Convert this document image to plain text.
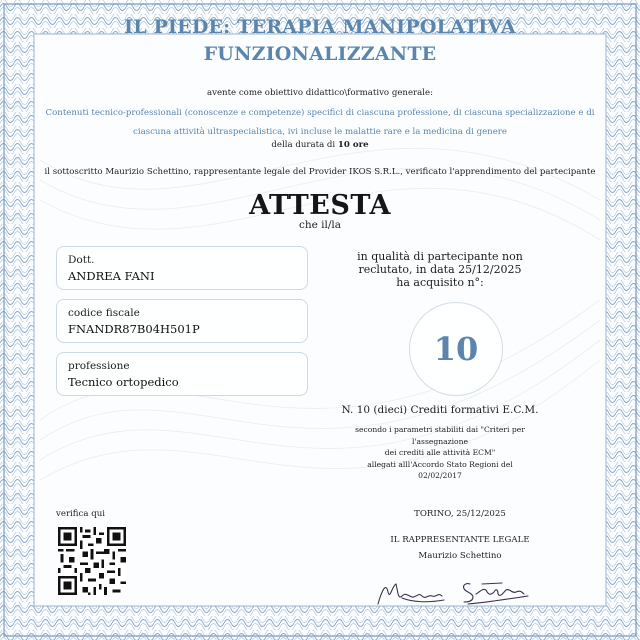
IL PIEDE: TERAPIA MANIPOLATIVA FUNZIONALIZZANTE
avente come obiettivo didattico\formativo generale:
Contenuti tecnico-professionali (conoscenze e competenze) specifici di ciascuna professione, di ciascuna specializzazione e di ciascuna attività ultraspecialistica, ivi incluse le malattie rare e la medicina di genere
della durata di 10 ore
il sottoscritto Maurizio Schettino, rappresentante legale del Provider IKOS S.R.L., verificato l'apprendimento del partecipante
ATTESTA
che il/la
Dott.
ANDREA FANI
codice fiscale
FNANDR87B04H501P
professione
Tecnico ortopedico
in qualità di partecipante non reclutato, in data 25/12/2025 ha acquisito n°:
10
N. 10 (dieci) Crediti formativi E.C.M.
secondo i parametri stabiliti dai "Criteri per l'assegnazione
dei crediti alle attività ECM"
allegati alll'Accordo Stato Regioni del 02/02/2017
verifica qui	TORINO, 25/12/2025
IL RAPPRESENTANTE LEGALE
Maurizio Schettino
